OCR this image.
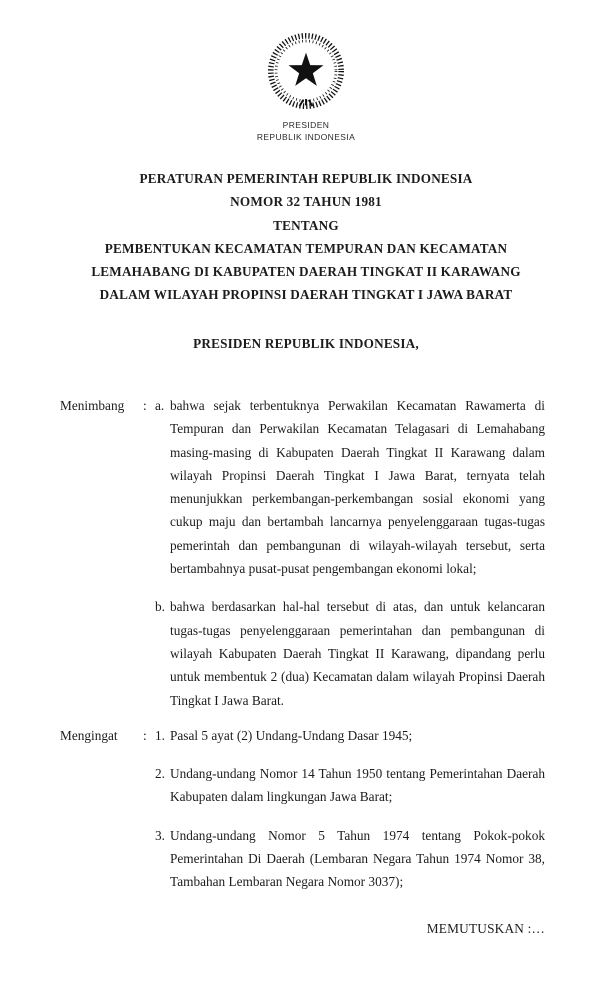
PRESIDEN
REPUBLIK INDONESIA
PERATURAN PEMERINTAH REPUBLIK INDONESIA
NOMOR 32 TAHUN 1981
TENTANG
PEMBENTUKAN KECAMATAN TEMPURAN DAN KECAMATAN
LEMAHABANG DI KABUPATEN DAERAH TINGKAT II KARAWANG
DALAM WILAYAH PROPINSI DAERAH TINGKAT I JAWA BARAT
PRESIDEN REPUBLIK INDONESIA,
Menimbang	: a. bahwa sejak terbentuknya Perwakilan Kecamatan Rawamerta di Tempuran dan Perwakilan Kecamatan Telagasari di Lemahabang masing-masing di Kabupaten Daerah Tingkat II Karawang dalam wilayah Propinsi Daerah Tingkat I Jawa Barat, ternyata telah menunjukkan perkembangan-perkembangan sosial ekonomi yang cukup maju dan bertambah lancarnya penyelenggaraan tugas-tugas pemerintah dan pembangunan di wilayah-wilayah tersebut, serta bertambahnya pusat-pusat pengembangan ekonomi lokal;
b. bahwa berdasarkan hal-hal tersebut di atas, dan untuk kelancaran tugas-tugas penyelenggaraan pemerintahan dan pembangunan di wilayah Kabupaten Daerah Tingkat II Karawang, dipandang perlu untuk membentuk 2 (dua) Kecamatan dalam wilayah Propinsi Daerah Tingkat I Jawa Barat.
Mengingat	: 1. Pasal 5 ayat (2) Undang-Undang Dasar 1945;
2. Undang-undang Nomor 14 Tahun 1950 tentang Pemerintahan Daerah Kabupaten dalam lingkungan Jawa Barat;
3. Undang-undang Nomor 5 Tahun 1974 tentang Pokok-pokok Pemerintahan Di Daerah (Lembaran Negara Tahun 1974 Nomor 38, Tambahan Lembaran Negara Nomor 3037);
MEMUTUSKAN :…
